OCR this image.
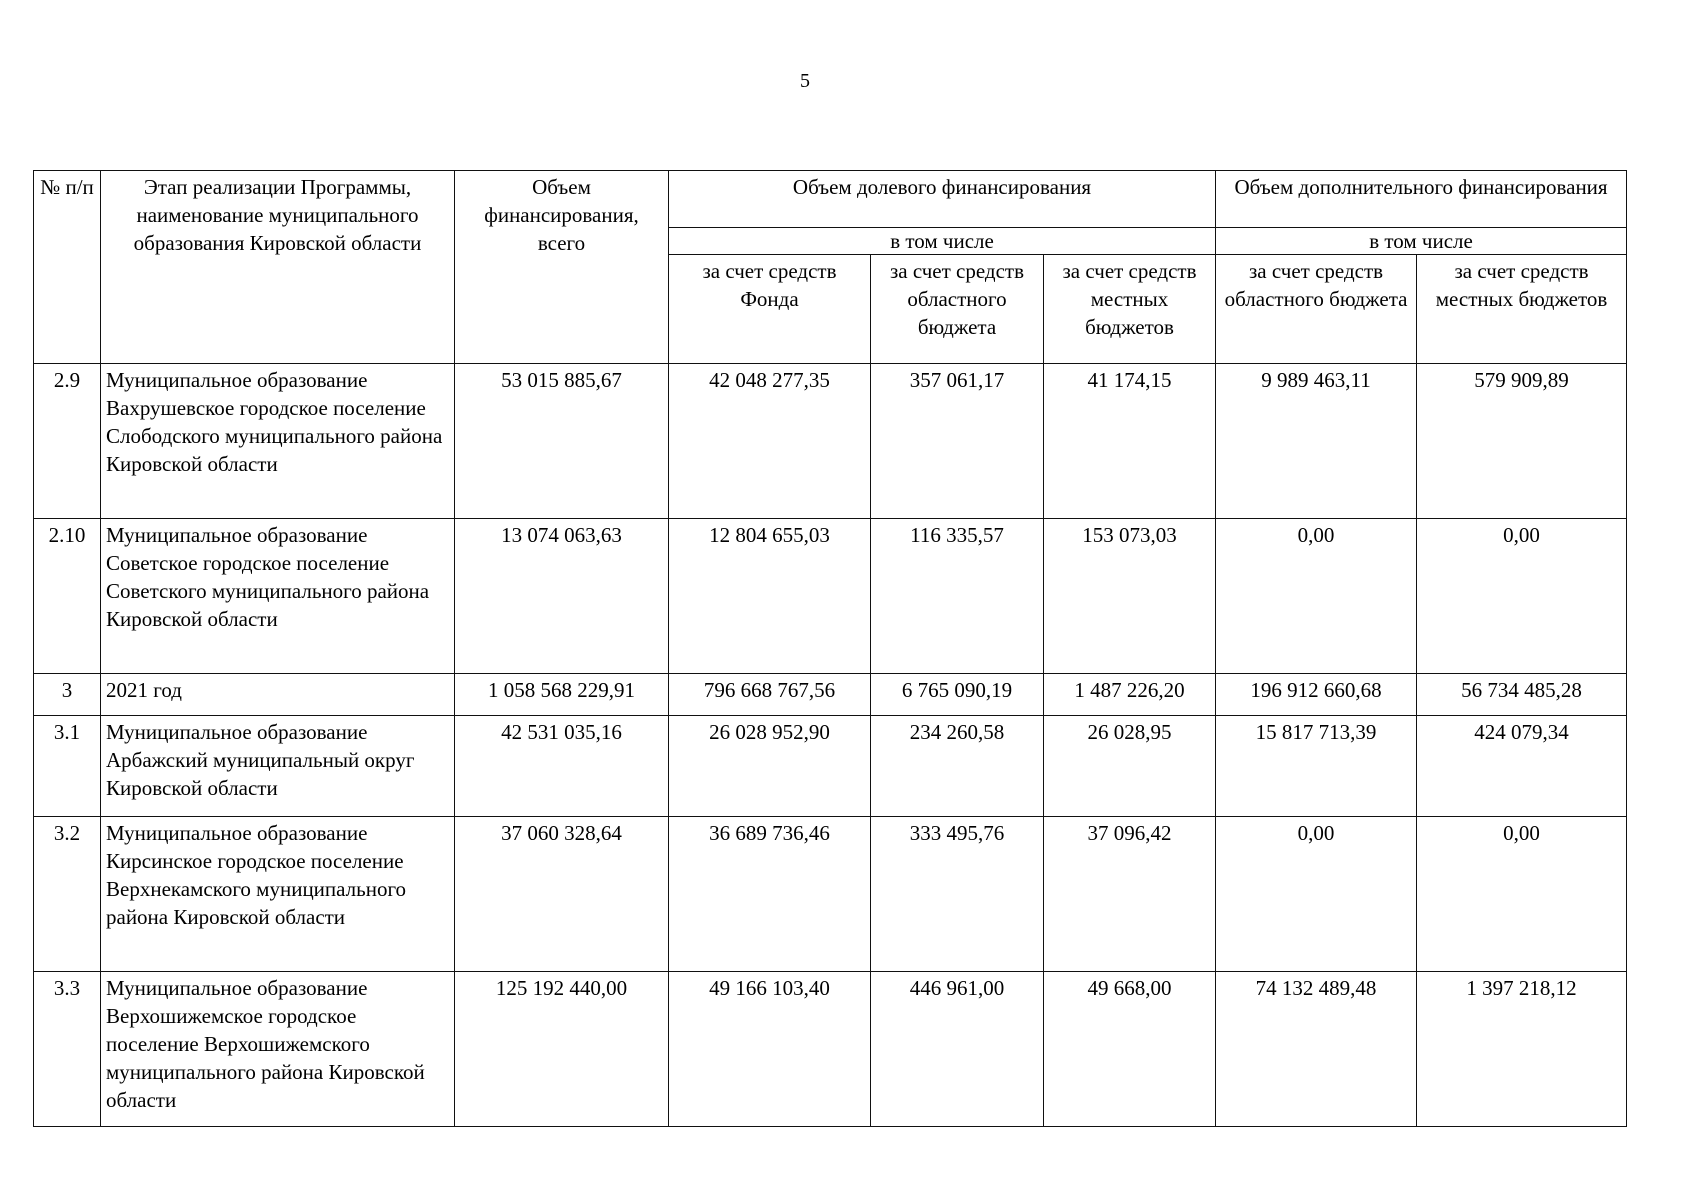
5
№ п/п	Этап реализации Программы, наименование муниципального образования Кировской области	Объем финансирования, всего	Объем долевого финансирования			Объем дополнительного финансирования	
			в том числе			в том числе	
			за счет средств Фонда	за счет средств областного бюджета	за счет средств местных бюджетов	за счет средств областного бюджета	за счет средств местных бюджетов
2.9	Муниципальное образование Вахрушевское городское поселение Слободского муниципального района Кировской области	53 015 885,67	42 048 277,35	357 061,17	41 174,15	9 989 463,11	579 909,89
2.10	Муниципальное образование Советское городское поселение Советского муниципального района Кировской области	13 074 063,63	12 804 655,03	116 335,57	153 073,03	0,00	0,00
3	2021 год	1 058 568 229,91	796 668 767,56	6 765 090,19	1 487 226,20	196 912 660,68	56 734 485,28
3.1	Муниципальное образование Арбажский муниципальный округ Кировской области	42 531 035,16	26 028 952,90	234 260,58	26 028,95	15 817 713,39	424 079,34
3.2	Муниципальное образование Кирсинское городское поселение Верхнекамского муниципального района Кировской области	37 060 328,64	36 689 736,46	333 495,76	37 096,42	0,00	0,00
3.3	Муниципальное образование Верхошижемское городское поселение Верхошижемского муниципального района Кировской области	125 192 440,00	49 166 103,40	446 961,00	49 668,00	74 132 489,48	1 397 218,12
